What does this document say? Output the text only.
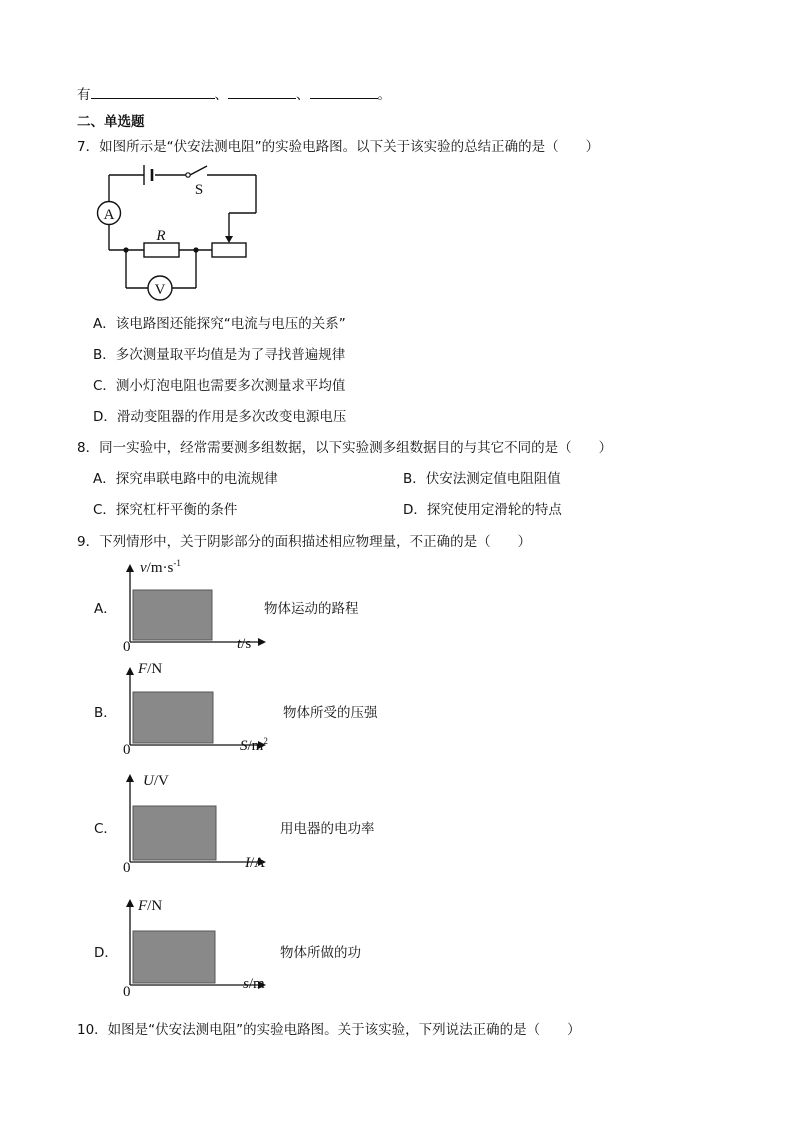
有	、	、	。
二、单选题
7．如图所示是“伏安法测电阻”的实验电路图。以下关于该实验的总结正确的是（　　）
A
V
S
R
A．该电路图还能探究“电流与电压的关系”
B．多次测量取平均值是为了寻找普遍规律
C．测小灯泡电阻也需要多次测量求平均值
D．滑动变阻器的作用是多次改变电源电压
8．同一实验中，经常需要测多组数据，以下实验测多组数据目的与其它不同的是（　　）
A．探究串联电路中的电流规律	B．伏安法测定值电阻阻值
C．探究杠杆平衡的条件	D．探究使用定滑轮的特点
9．下列情形中，关于阴影部分的面积描述相应物理量，不正确的是（　　）
A．	物体运动的路程
$v/m\cdot s^{-1}$
t/s
0
B．	物体所受的压强
F/N
$S/m^2$
0
C．	用电器的电功率
U/V
I/A
0
D．	物体所做的功
F/N
s/m
0
10．如图是“伏安法测电阻”的实验电路图。关于该实验，下列说法正确的是（　　）
